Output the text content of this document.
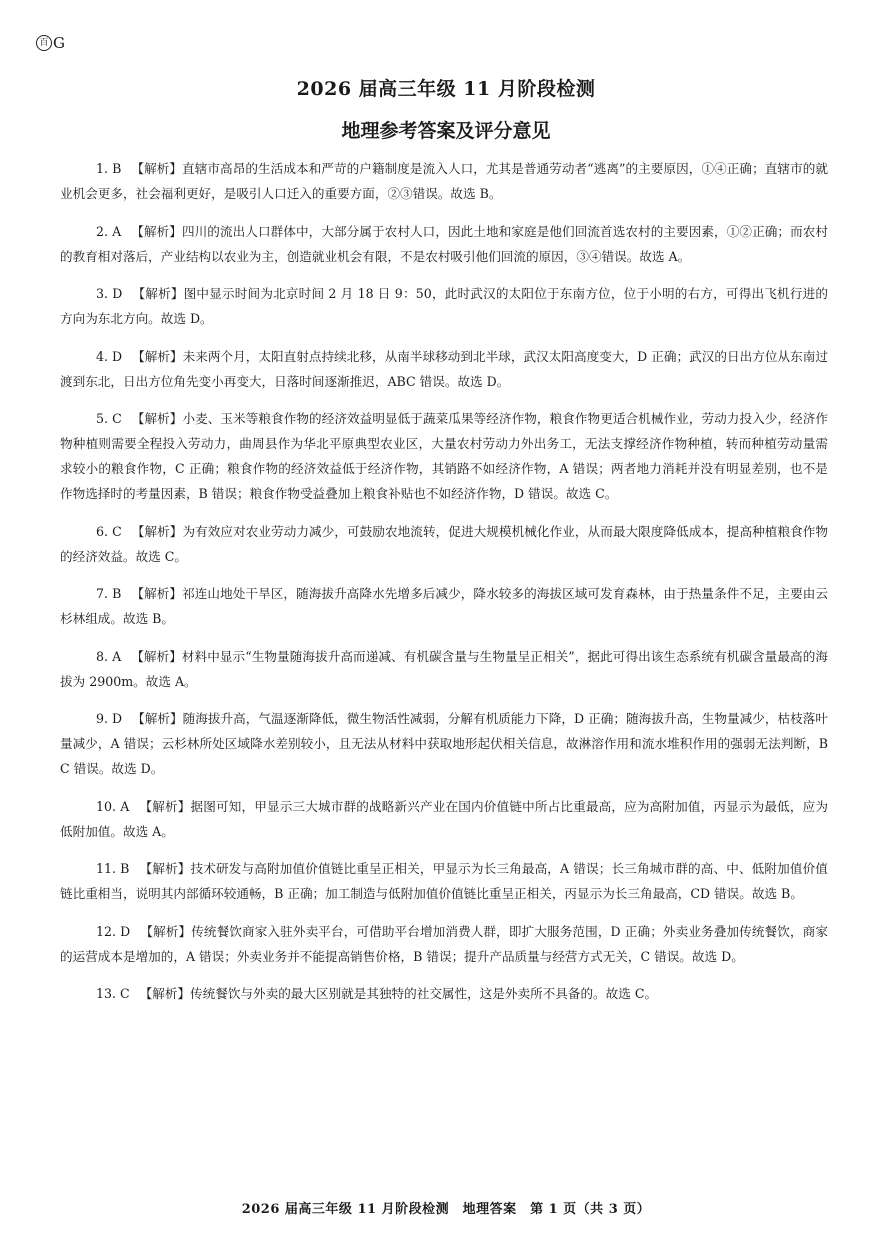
百 G
2026 届高三年级 11 月阶段检测
地理参考答案及评分意见

1. B 【解析】直辖市高昂的生活成本和严苛的户籍制度是流入人口，尤其是普通劳动者“逃离”的主要原因，①④正确；直辖市的就业机会更多，社会福利更好，是吸引人口迁入的重要方面，②③错误。故选 B。

2. A 【解析】四川的流出人口群体中，大部分属于农村人口，因此土地和家庭是他们回流首选农村的主要因素，①②正确；而农村的教育相对落后，产业结构以农业为主，创造就业机会有限，不是农村吸引他们回流的原因，③④错误。故选 A。

3. D 【解析】图中显示时间为北京时间 2 月 18 日 9：50，此时武汉的太阳位于东南方位，位于小明的右方，可得出飞机行进的方向为东北方向。故选 D。

4. D 【解析】未来两个月，太阳直射点持续北移，从南半球移动到北半球，武汉太阳高度变大，D 正确；武汉的日出方位从东南过渡到东北，日出方位角先变小再变大，日落时间逐渐推迟，ABC 错误。故选 D。

5. C 【解析】小麦、玉米等粮食作物的经济效益明显低于蔬菜瓜果等经济作物，粮食作物更适合机械作业，劳动力投入少，经济作物种植则需要全程投入劳动力，曲周县作为华北平原典型农业区，大量农村劳动力外出务工，无法支撑经济作物种植，转而种植劳动量需求较小的粮食作物，C 正确；粮食作物的经济效益低于经济作物，其销路不如经济作物，A 错误；两者地力消耗并没有明显差别，也不是作物选择时的考量因素，B 错误；粮食作物受益叠加上粮食补贴也不如经济作物，D 错误。故选 C。

6. C 【解析】为有效应对农业劳动力减少，可鼓励农地流转，促进大规模机械化作业，从而最大限度降低成本，提高种植粮食作物的经济效益。故选 C。

7. B 【解析】祁连山地处干旱区，随海拔升高降水先增多后减少，降水较多的海拔区域可发育森林，由于热量条件不足，主要由云杉林组成。故选 B。

8. A 【解析】材料中显示“生物量随海拔升高而递减、有机碳含量与生物量呈正相关”，据此可得出该生态系统有机碳含量最高的海拔为 2900m。故选 A。

9. D 【解析】随海拔升高，气温逐渐降低，微生物活性减弱，分解有机质能力下降，D 正确；随海拔升高，生物量减少，枯枝落叶量减少，A 错误；云杉林所处区域降水差别较小，且无法从材料中获取地形起伏相关信息，故淋溶作用和流水堆积作用的强弱无法判断，BC 错误。故选 D。

10. A 【解析】据图可知，甲显示三大城市群的战略新兴产业在国内价值链中所占比重最高，应为高附加值，丙显示为最低，应为低附加值。故选 A。

11. B 【解析】技术研发与高附加值价值链比重呈正相关，甲显示为长三角最高，A 错误；长三角城市群的高、中、低附加值价值链比重相当，说明其内部循环较通畅，B 正确；加工制造与低附加值价值链比重呈正相关，丙显示为长三角最高，CD 错误。故选 B。

12. D 【解析】传统餐饮商家入驻外卖平台，可借助平台增加消费人群，即扩大服务范围，D 正确；外卖业务叠加传统餐饮，商家的运营成本是增加的，A 错误；外卖业务并不能提高销售价格，B 错误；提升产品质量与经营方式无关，C 错误。故选 D。

13. C 【解析】传统餐饮与外卖的最大区别就是其独特的社交属性，这是外卖所不具备的。故选 C。

2026 届高三年级 11 月阶段检测　地理答案　第 1 页（共 3 页）
